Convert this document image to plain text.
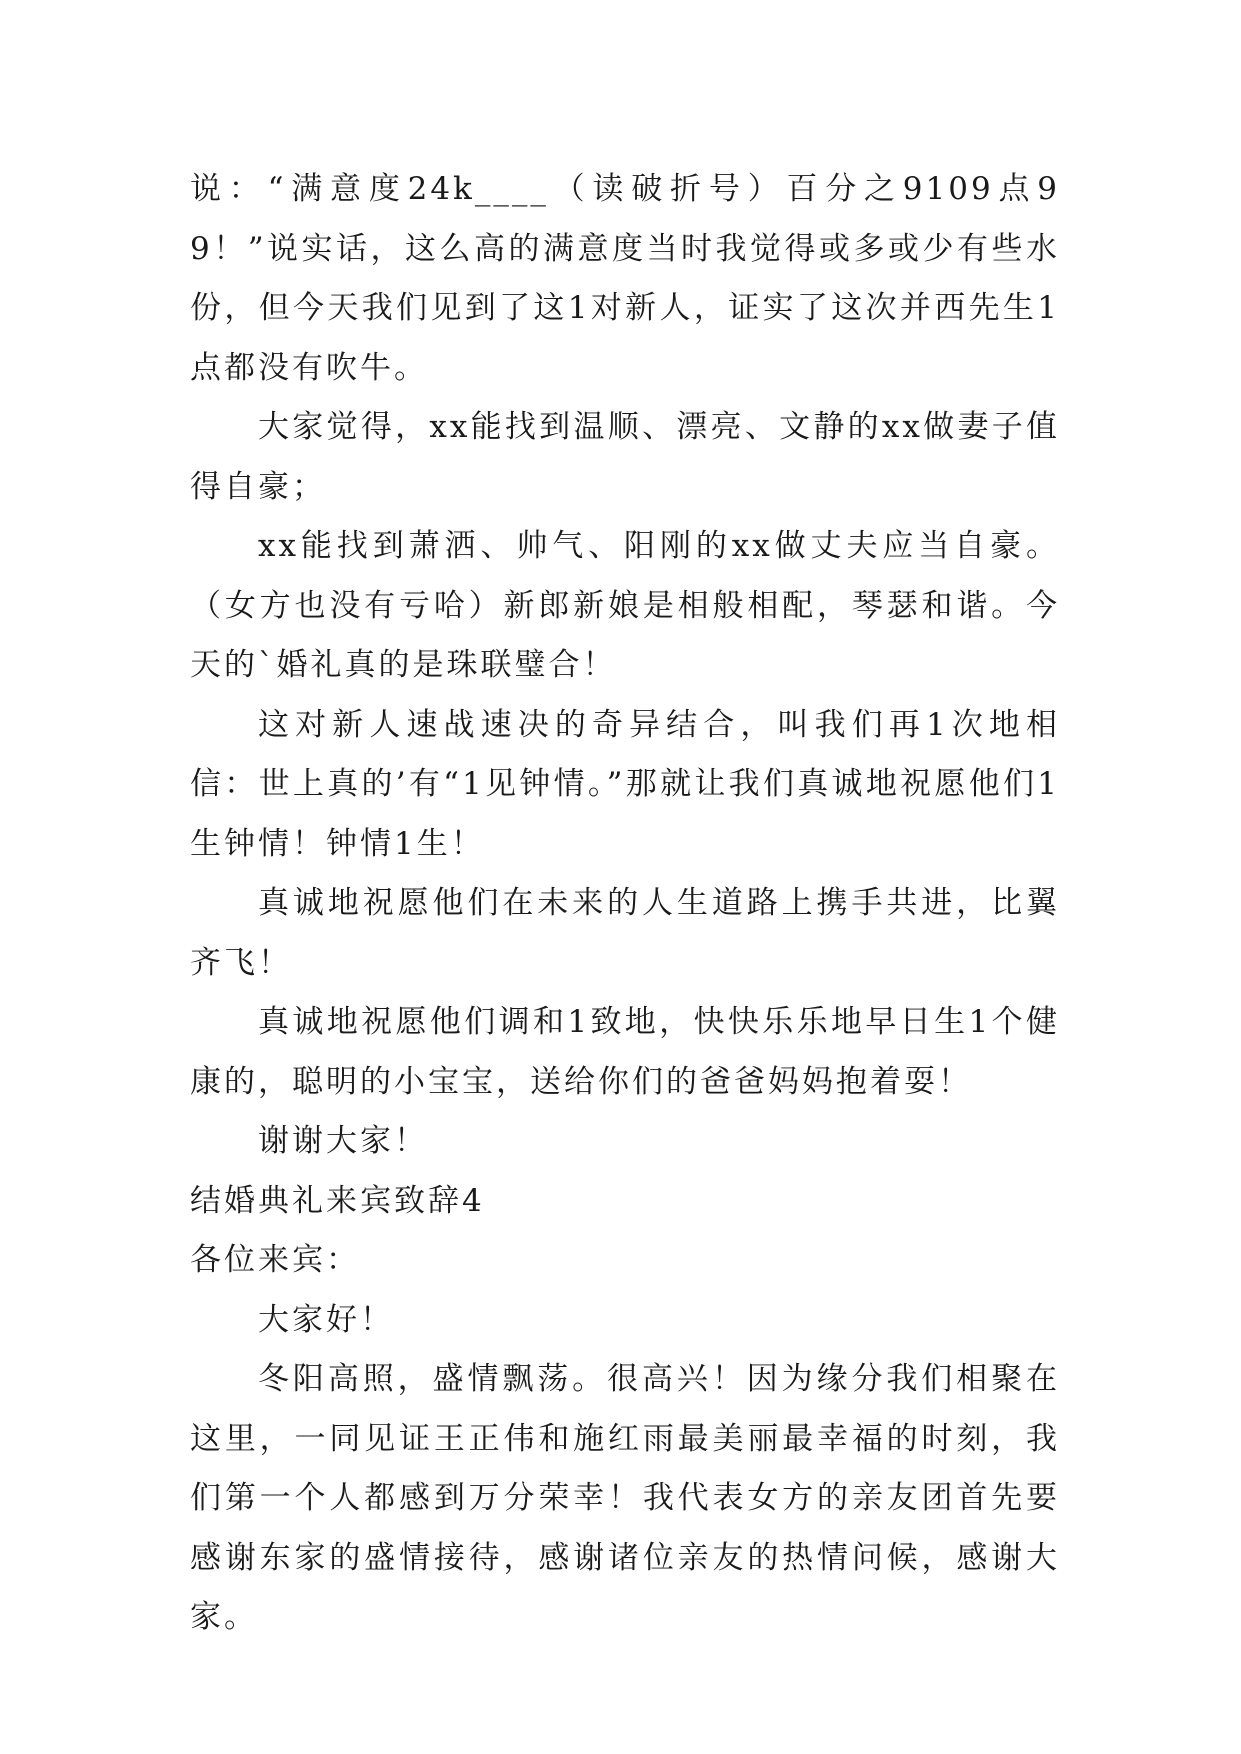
说：“满意度24k____（读破折号）百分之9109点99！”说实话，这么高的满意度当时我觉得或多或少有些水份，但今天我们见到了这1对新人，证实了这次并西先生1点都没有吹牛。

大家觉得，xx能找到温顺、漂亮、文静的xx做妻子值得自豪；

xx能找到萧洒、帅气、阳刚的xx做丈夫应当自豪。（女方也没有亏哈）新郎新娘是相般相配，琴瑟和谐。今天的`婚礼真的是珠联璧合！

这对新人速战速决的奇异结合，叫我们再1次地相信：世上真的’有“1见钟情。”那就让我们真诚地祝愿他们1生钟情！钟情1生！

真诚地祝愿他们在未来的人生道路上携手共进，比翼齐飞！

真诚地祝愿他们调和1致地，快快乐乐地早日生1个健康的，聪明的小宝宝，送给你们的爸爸妈妈抱着耍！

谢谢大家！

结婚典礼来宾致辞4

各位来宾：

大家好！

冬阳高照，盛情飘荡。很高兴！因为缘分我们相聚在这里，一同见证王正伟和施红雨最美丽最幸福的时刻，我们第一个人都感到万分荣幸！我代表女方的亲友团首先要感谢东家的盛情接待，感谢诸位亲友的热情问候，感谢大家。
